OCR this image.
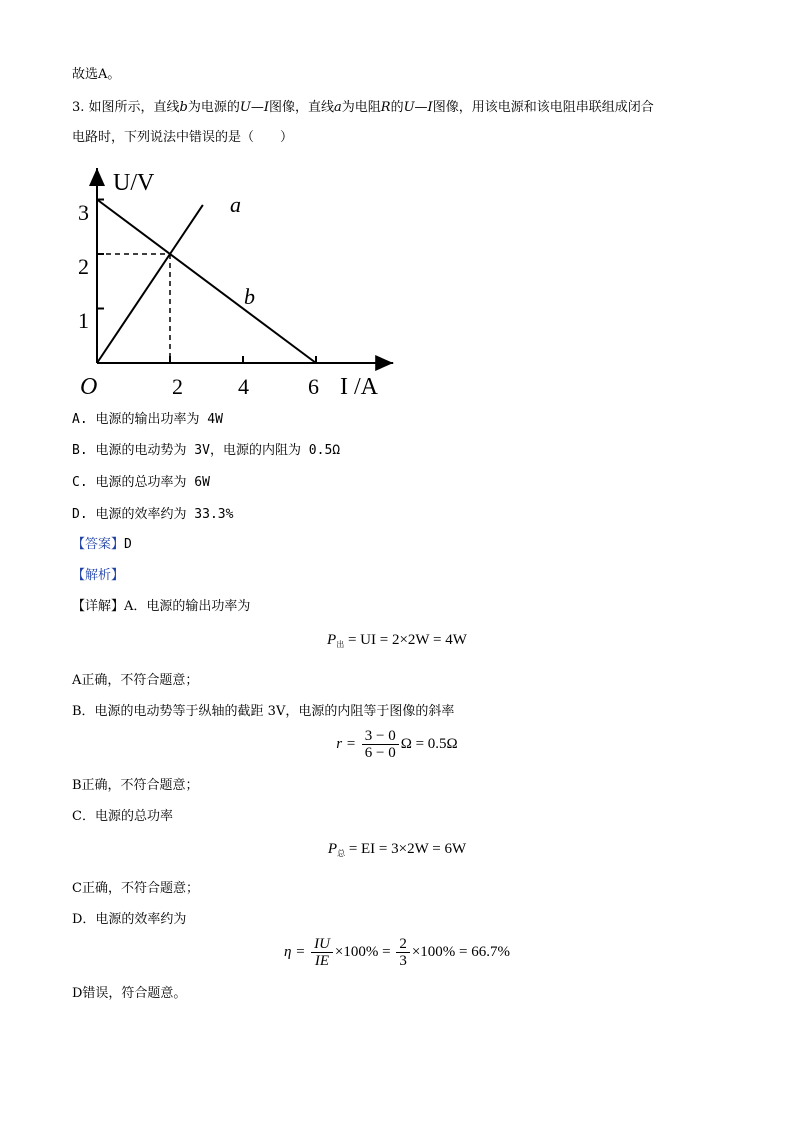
故选A。
3. 如图所示，直线b为电源的U—I图像，直线a为电阻R的U—I图像，用该电源和该电阻串联组成闭合
电路时，下列说法中错误的是（　　）
U/V
I /A
O
3
2
1
2	4	6
a
b
A. 电源的输出功率为 4W
B. 电源的电动势为 3V，电源的内阻为 0.5Ω
C. 电源的总功率为 6W
D. 电源的效率约为 33.3%
【答案】D
【解析】
【详解】A．电源的输出功率为
$P_出$ = UI = 2×2W = 4W
A正确，不符合题意；
B．电源的电动势等于纵轴的截距 3V，电源的内阻等于图像的斜率
$r = \frac{3 - 0}{6 - 0}$ Ω = 0.5Ω
B正确，不符合题意；
C．电源的总功率
$P_总$ = EI = 3×2W = 6W
C正确，不符合题意；
D．电源的效率约为
$\eta = \frac{IU}{IE} \times 100\% = \frac{2}{3} \times 100\% = 66.7\%$
D错误，符合题意。
